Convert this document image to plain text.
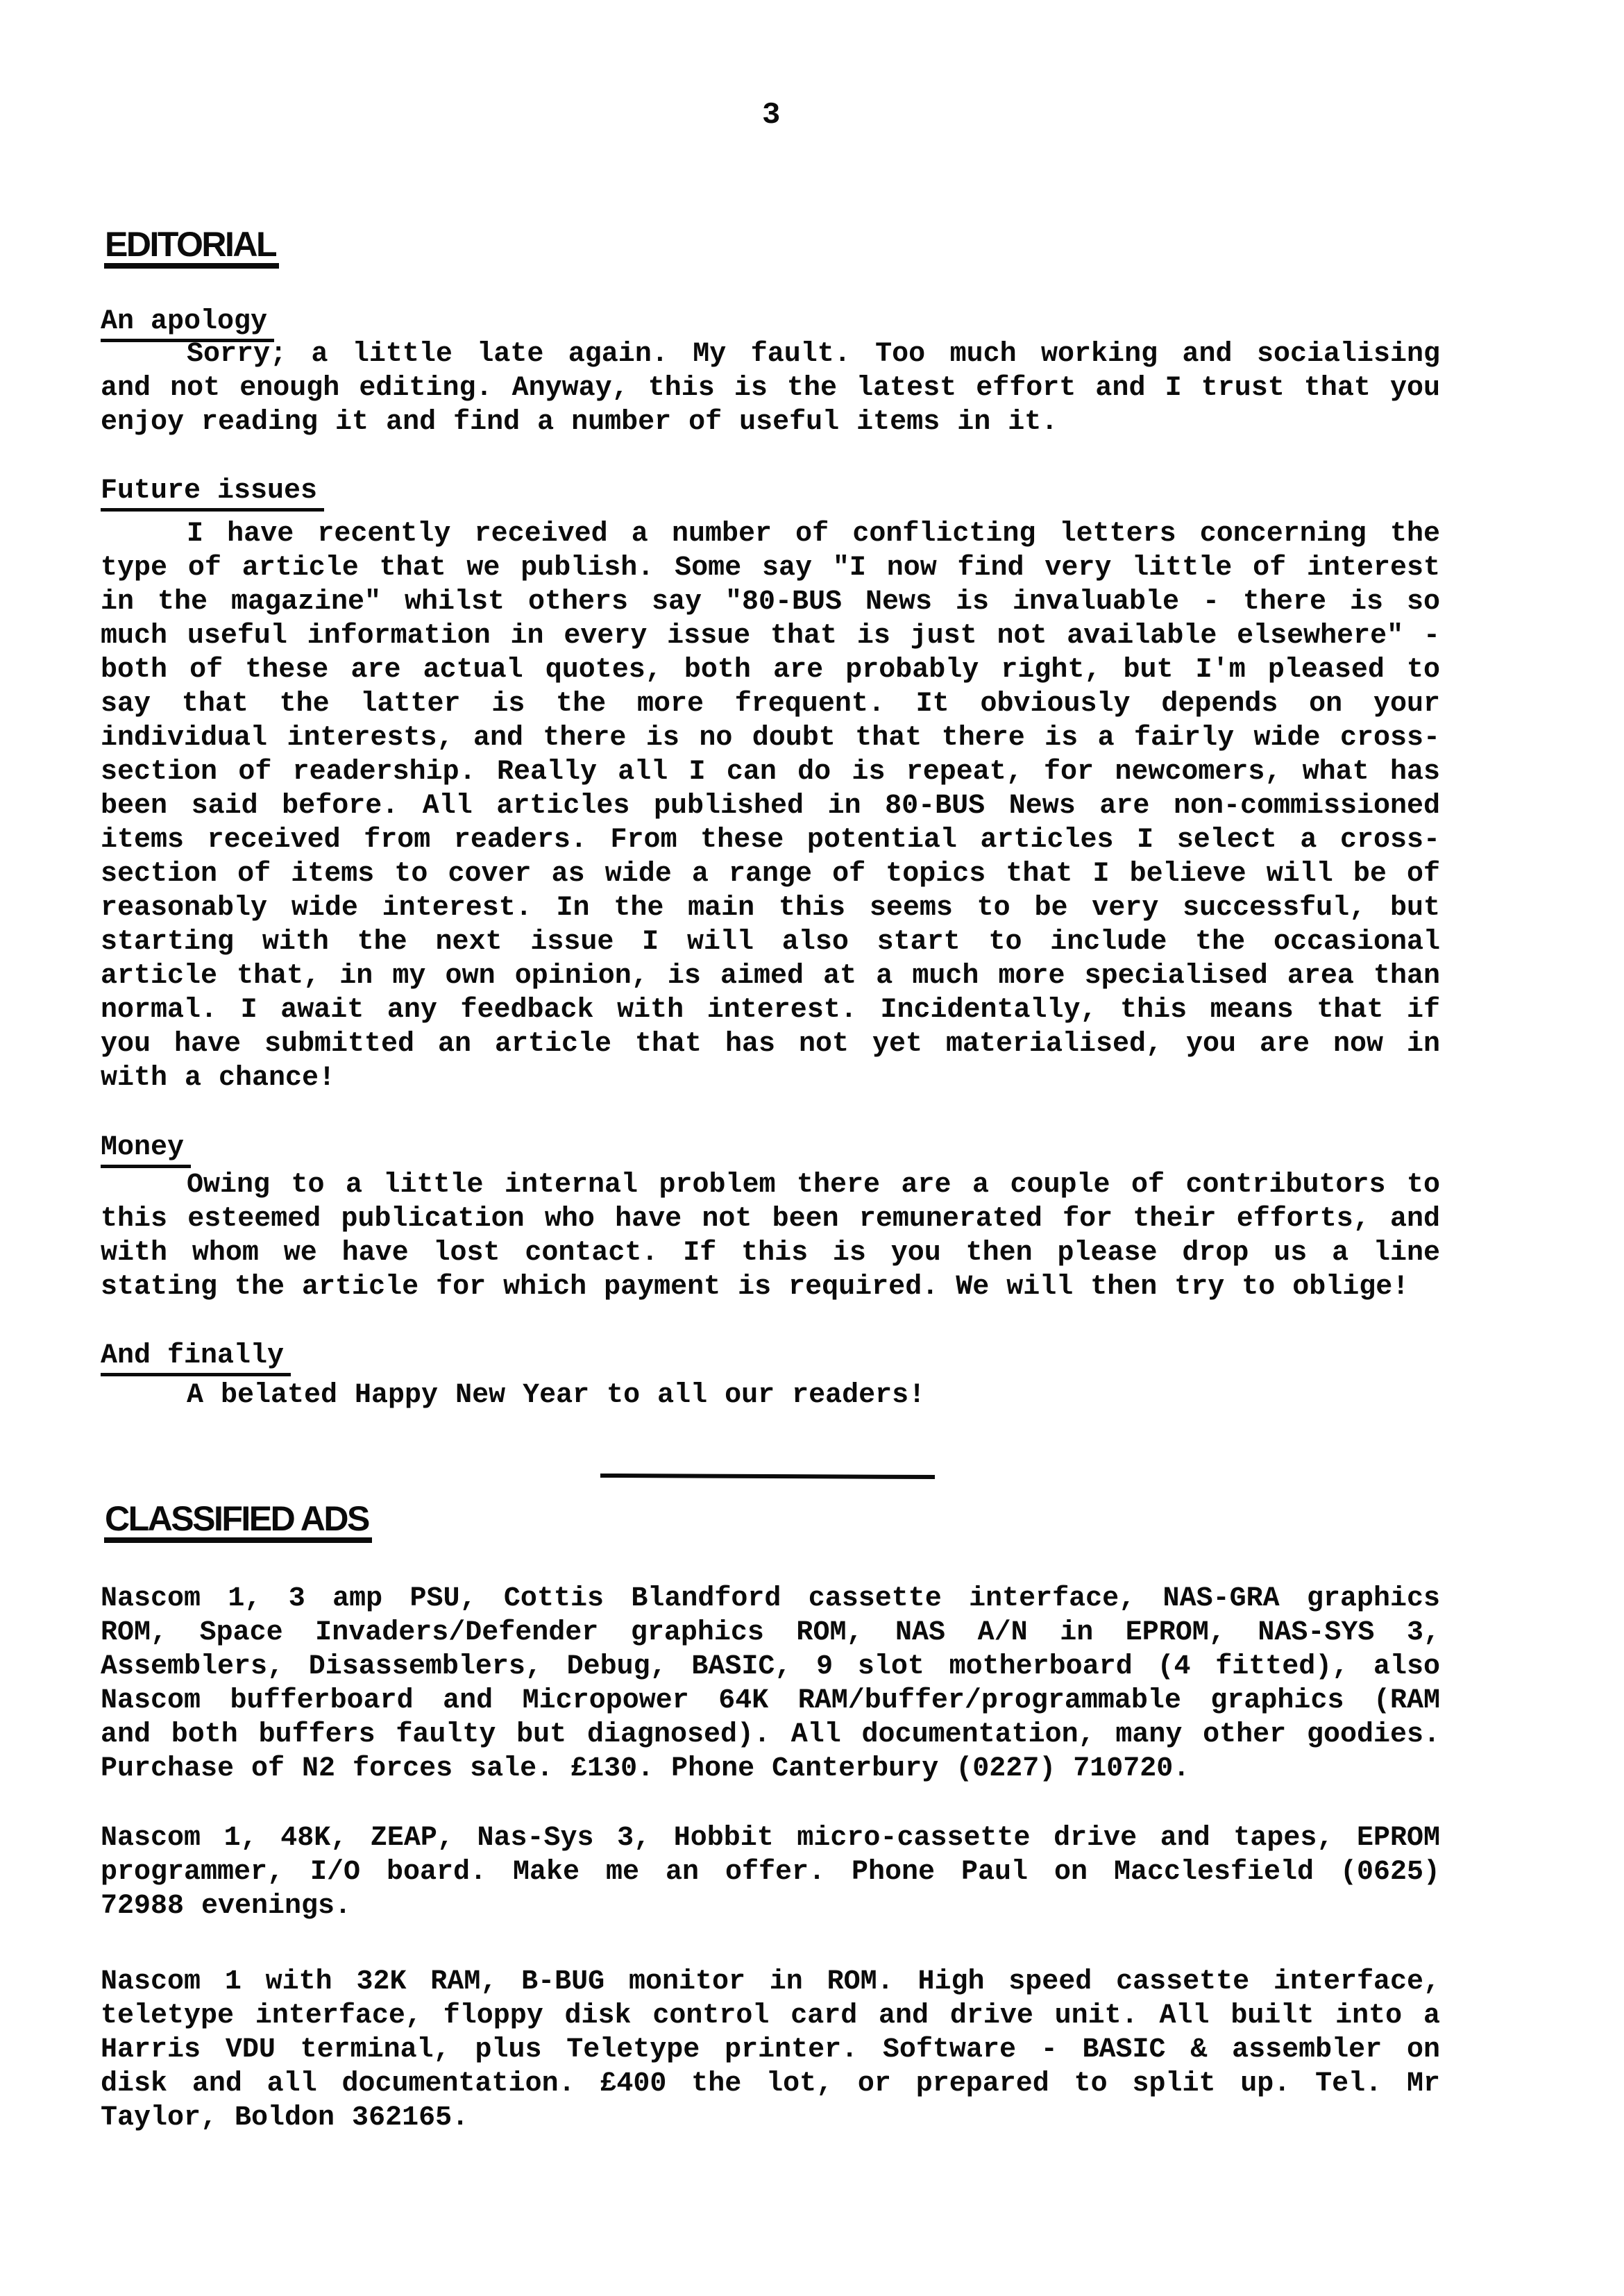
3
EDITORIAL
An apology
Sorry; a little late again. My fault. Too much working and socialising
and not enough editing. Anyway, this is the latest effort and I trust that you
enjoy reading it and find a number of useful items in it.
Future issues
I have recently received a number of conflicting letters concerning the
type of article that we publish. Some say "I now find very little of interest
in the magazine" whilst others say "80-BUS News is invaluable - there is so
much useful information in every issue that is just not available elsewhere" -
both of these are actual quotes, both are probably right, but I'm pleased to
say that the latter is the more frequent. It obviously depends on your
individual interests, and there is no doubt that there is a fairly wide cross-
section of readership. Really all I can do is repeat, for newcomers, what has
been said before. All articles published in 80-BUS News are non-commissioned
items received from readers. From these potential articles I select a cross-
section of items to cover as wide a range of topics that I believe will be of
reasonably wide interest. In the main this seems to be very successful, but
starting with the next issue I will also start to include the occasional
article that, in my own opinion, is aimed at a much more specialised area than
normal. I await any feedback with interest. Incidentally, this means that if
you have submitted an article that has not yet materialised, you are now in
with a chance!
Money
Owing to a little internal problem there are a couple of contributors to
this esteemed publication who have not been remunerated for their efforts, and
with whom we have lost contact. If this is you then please drop us a line
stating the article for which payment is required. We will then try to oblige!
And finally
A belated Happy New Year to all our readers!
CLASSIFIED ADS
Nascom 1, 3 amp PSU, Cottis Blandford cassette interface, NAS-GRA graphics
ROM, Space Invaders/Defender graphics ROM, NAS A/N in EPROM, NAS-SYS 3,
Assemblers, Disassemblers, Debug, BASIC, 9 slot motherboard (4 fitted), also
Nascom bufferboard and Micropower 64K RAM/buffer/programmable graphics (RAM
and both buffers faulty but diagnosed). All documentation, many other goodies.
Purchase of N2 forces sale. £130. Phone Canterbury (0227) 710720.
Nascom 1, 48K, ZEAP, Nas-Sys 3, Hobbit micro-cassette drive and tapes, EPROM
programmer, I/O board. Make me an offer. Phone Paul on Macclesfield (0625)
72988 evenings.
Nascom 1 with 32K RAM, B-BUG monitor in ROM. High speed cassette interface,
teletype interface, floppy disk control card and drive unit. All built into a
Harris VDU terminal, plus Teletype printer. Software - BASIC & assembler on
disk and all documentation. £400 the lot, or prepared to split up. Tel. Mr
Taylor, Boldon 362165.
